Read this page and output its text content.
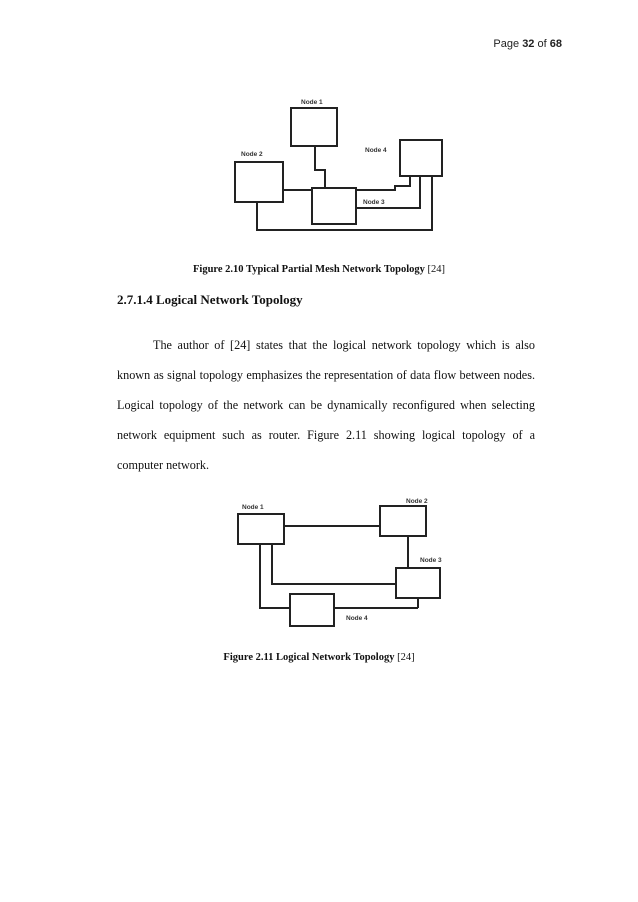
Page 32 of 68
Node 1
Node 2
Node 3
Node 4
Figure 2.10 Typical Partial Mesh Network Topology [24]
2.7.1.4 Logical Network Topology

The author of [24] states that the logical network topology which is also known as signal topology emphasizes the representation of data flow between nodes. Logical topology of the network can be dynamically reconfigured when selecting network equipment such as router. Figure 2.11 showing logical topology of a computer network.

Node 1
Node 2
Node 3
Node 4
Figure 2.11 Logical Network Topology [24]
